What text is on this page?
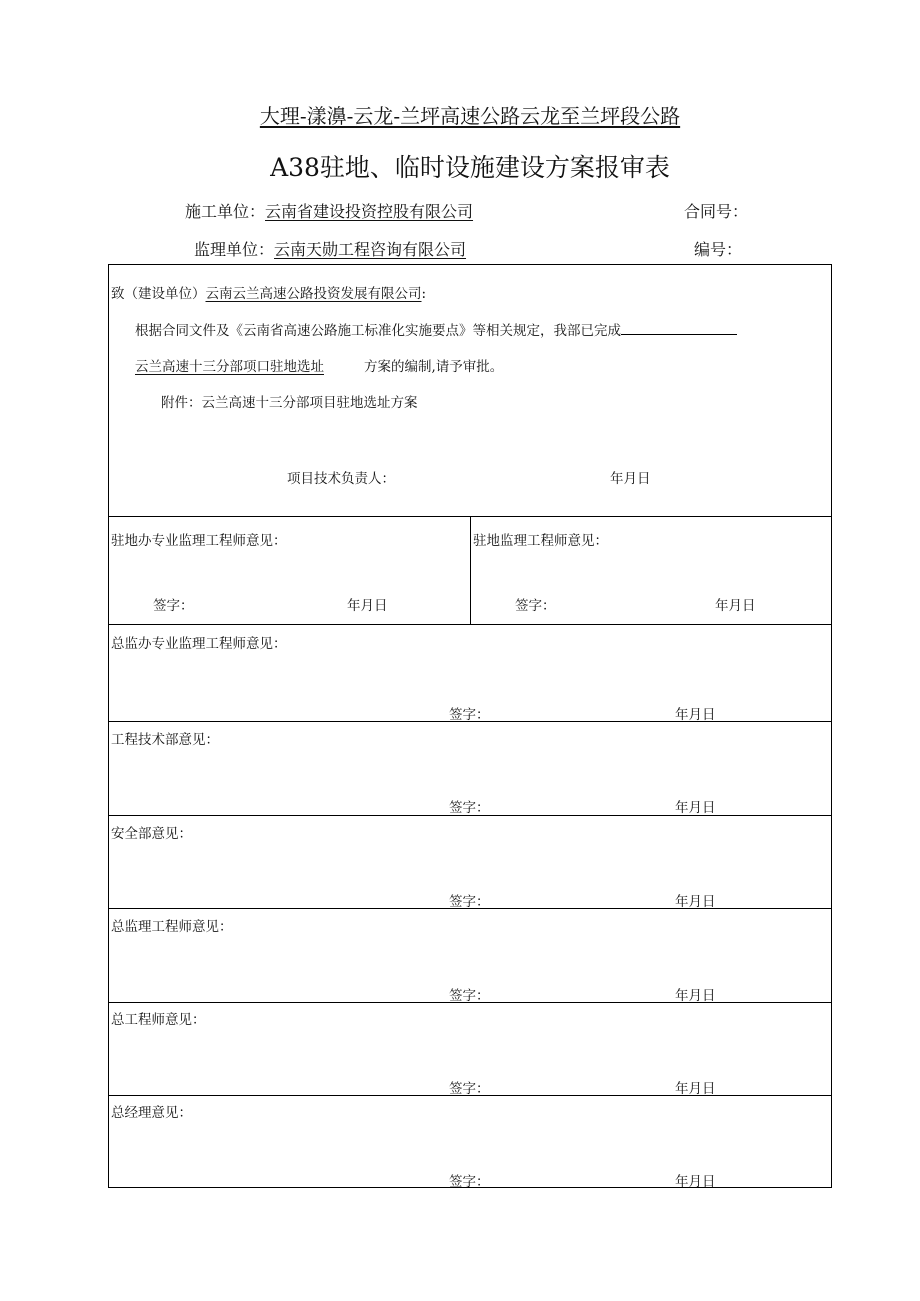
大理-漾濞-云龙-兰坪高速公路云龙至兰坪段公路
A38驻地、临时设施建设方案报审表
施工单位：云南省建设投资控股有限公司	合同号：
监理单位：云南天勋工程咨询有限公司	编号：
致（建设单位）云南云兰高速公路投资发展有限公司:
根据合同文件及《云南省高速公路施工标准化实施要点》等相关规定，我部已完成
云兰高速十三分部项口驻地选址	方案的编制,请予审批。
附件：云兰高速十三分部项目驻地选址方案
项目技术负责人：	年月日
驻地办专业监理工程师意见：	驻地监理工程师意见：
签字：	年月日	签字：	年月日
总监办专业监理工程师意见：
签字：	年月日
工程技术部意见：
签字：	年月日
安全部意见：
签字：	年月日
总监理工程师意见：
签字：	年月日
总工程师意见：
签字：	年月日
总经理意见：
签字：	年月日
